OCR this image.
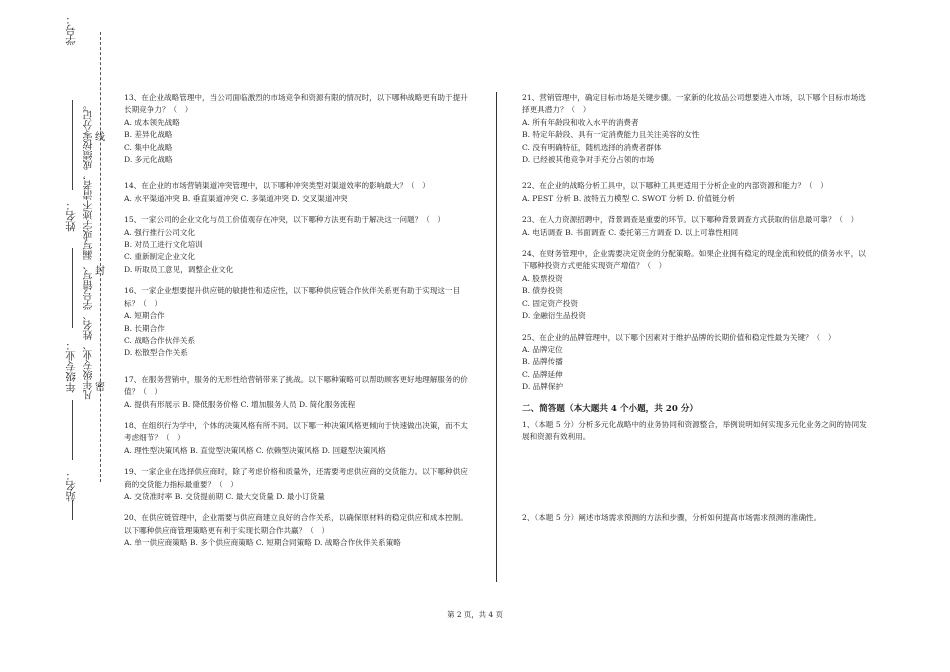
学号：
姓名：
年级专业：
站名：
凡年级专业、姓名、学号错写、漏写或字迹不清者，成绩按零分记。 线
封
密

13、在企业战略管理中，当公司面临激烈的市场竞争和资源有限的情况时，以下哪种战略更有助于提升长期竞争力？（　）

A. 成本领先战略

B. 差异化战略

C. 集中化战略

D. 多元化战略

14、在企业的市场营销渠道冲突管理中，以下哪种冲突类型对渠道效率的影响最大？（　）

A. 水平渠道冲突 B. 垂直渠道冲突 C. 多渠道冲突 D. 交叉渠道冲突

15、一家公司的企业文化与员工价值观存在冲突，以下哪种方法更有助于解决这一问题？（　）

A. 强行推行公司文化

B. 对员工进行文化培训

C. 重新制定企业文化

D. 听取员工意见，调整企业文化

16、一家企业想要提升供应链的敏捷性和适应性，以下哪种供应链合作伙伴关系更有助于实现这一目标？（　）

A. 短期合作

B. 长期合作

C. 战略合作伙伴关系

D. 松散型合作关系

17、在服务营销中，服务的无形性给营销带来了挑战。以下哪种策略可以帮助顾客更好地理解服务的价值？（　）

A. 提供有形展示 B. 降低服务价格 C. 增加服务人员 D. 简化服务流程

18、在组织行为学中，个体的决策风格有所不同。以下哪一种决策风格更倾向于快速做出决策，而不太考虑细节？（　）

A. 理性型决策风格 B. 直觉型决策风格 C. 依赖型决策风格 D. 回避型决策风格

19、一家企业在选择供应商时，除了考虑价格和质量外，还需要考虑供应商的交货能力。以下哪种供应商的交货能力指标最重要？（　）

A. 交货准时率 B. 交货提前期 C. 最大交货量 D. 最小订货量

20、在供应链管理中，企业需要与供应商建立良好的合作关系，以确保原材料的稳定供应和成本控制。以下哪种供应商管理策略更有利于实现长期合作共赢？（　）

A. 单一供应商策略 B. 多个供应商策略 C. 短期合同策略 D. 战略合作伙伴关系策略

21、营销管理中，确定目标市场是关键步骤。一家新的化妆品公司想要进入市场，以下哪个目标市场选择更具潜力？（　）

A. 所有年龄段和收入水平的消费者

B. 特定年龄段、具有一定消费能力且关注美容的女性

C. 没有明确特征，随机选择的消费者群体

D. 已经被其他竞争对手充分占领的市场

22、在企业的战略分析工具中，以下哪种工具更适用于分析企业的内部资源和能力？（　）

A. PEST 分析 B. 波特五力模型 C. SWOT 分析 D. 价值链分析

23、在人力资源招聘中，背景调查是重要的环节。以下哪种背景调查方式获取的信息最可靠？（　）

A. 电话调查 B. 书面调查 C. 委托第三方调查 D. 以上可靠性相同

24、在财务管理中，企业需要决定资金的分配策略。如果企业拥有稳定的现金流和较低的债务水平，以下哪种投资方式更能实现资产增值？（　）

A. 股票投资

B. 债券投资

C. 固定资产投资

D. 金融衍生品投资

25、在企业的品牌管理中，以下哪个因素对于维护品牌的长期价值和稳定性最为关键？（　）

A. 品牌定位

B. 品牌传播

C. 品牌延伸

D. 品牌保护

二、简答题（本大题共 4 个小题，共 20 分）

1、（本题 5 分）分析多元化战略中的业务协同和资源整合，举例说明如何实现多元化业务之间的协同发展和资源有效利用。

2、（本题 5 分）阐述市场需求预测的方法和步骤，分析如何提高市场需求预测的准确性。

第 2 页，共 4 页
